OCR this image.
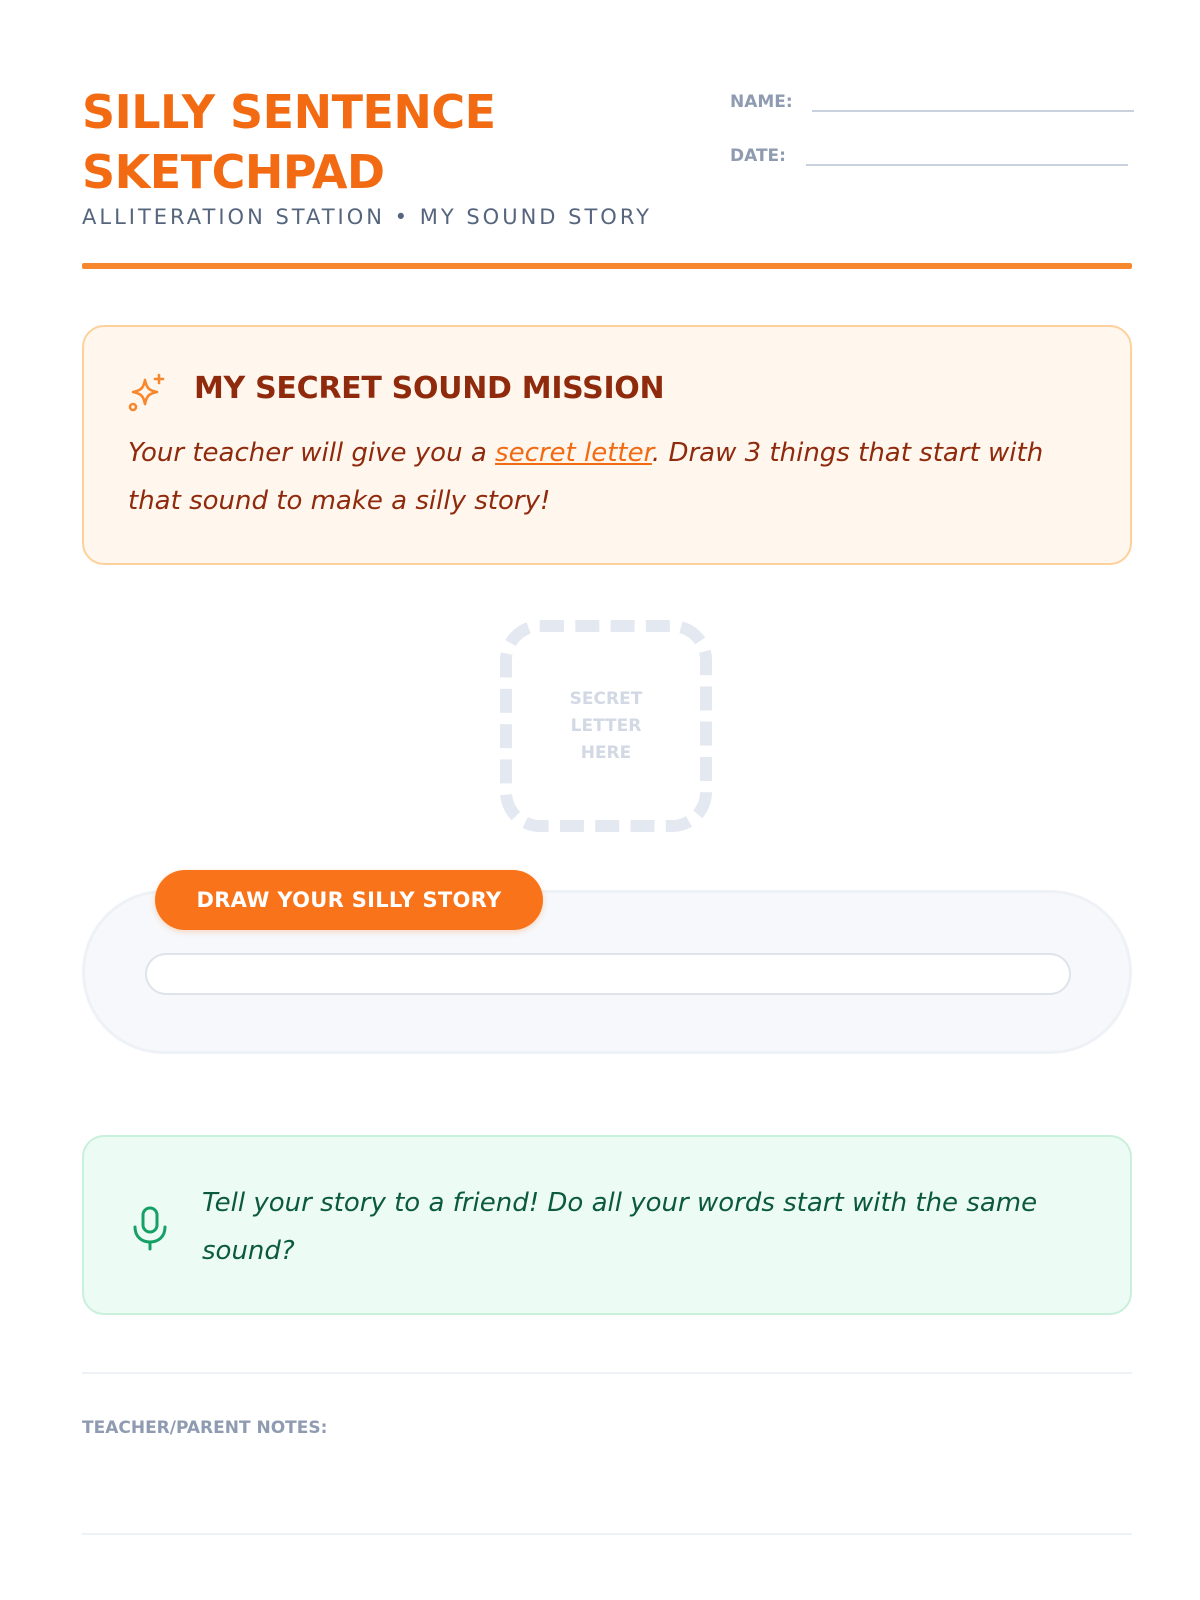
SILLY SENTENCE SKETCHPAD
ALLITERATION STATION • MY SOUND STORY
NAME:
DATE:
MY SECRET SOUND MISSION
Your teacher will give you a secret letter. Draw 3 things that start with that sound to make a silly story!
SECRET LETTER HERE
DRAW YOUR SILLY STORY
Tell your story to a friend! Do all your words start with the same sound?
TEACHER/PARENT NOTES:
